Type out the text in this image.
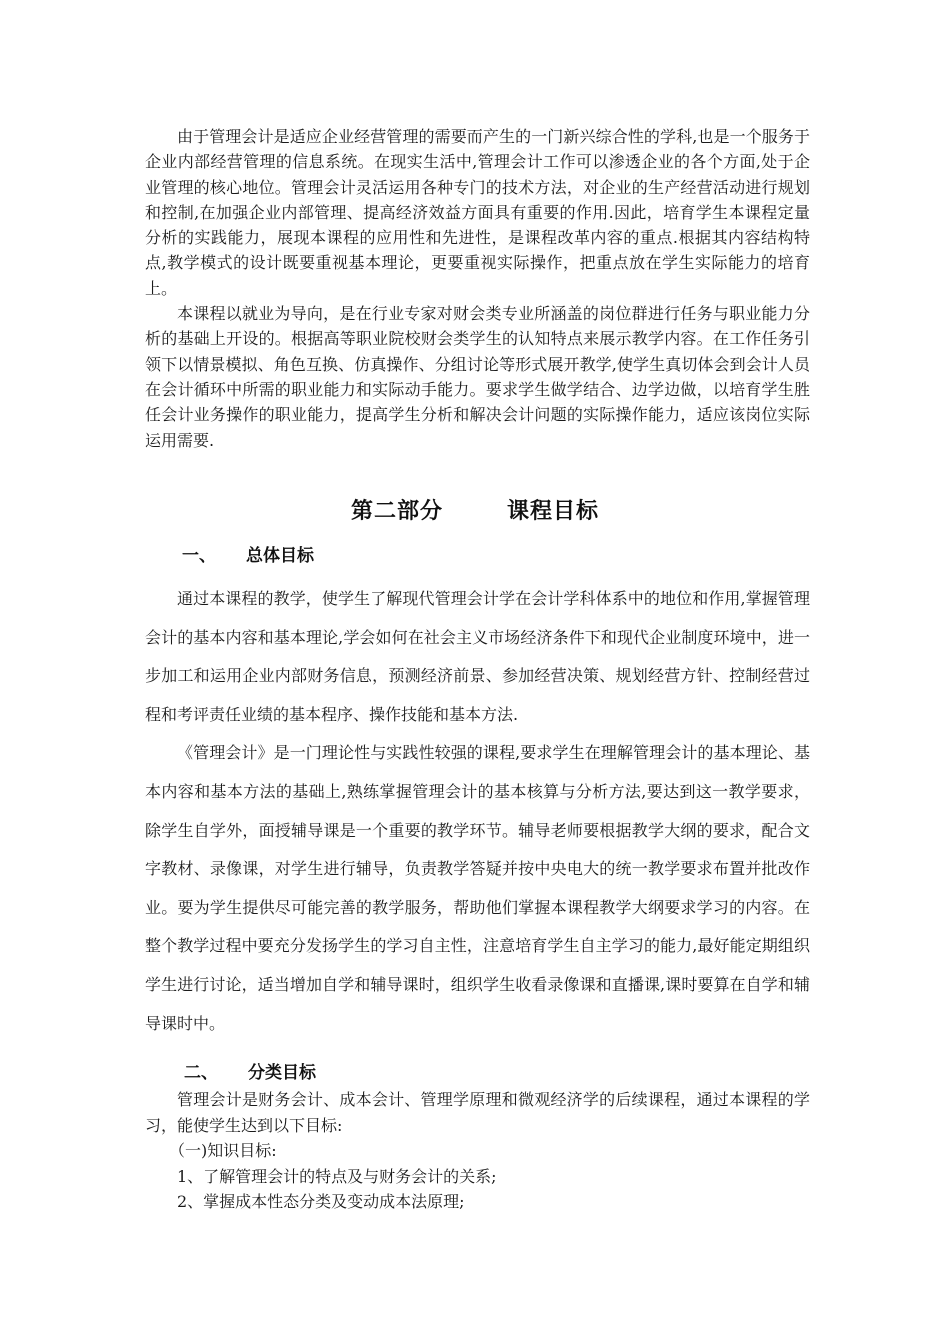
由于管理会计是适应企业经营管理的需要而产生的一门新兴综合性的学科,也是一个服务于企业内部经营管理的信息系统。在现实生活中,管理会计工作可以渗透企业的各个方面,处于企业管理的核心地位。管理会计灵活运用各种专门的技术方法，对企业的生产经营活动进行规划和控制,在加强企业内部管理、提高经济效益方面具有重要的作用.因此，培育学生本课程定量分析的实践能力，展现本课程的应用性和先进性，是课程改革内容的重点.根据其内容结构特点,教学模式的设计既要重视基本理论，更要重视实际操作，把重点放在学生实际能力的培育上。

本课程以就业为导向，是在行业专家对财会类专业所涵盖的岗位群进行任务与职业能力分析的基础上开设的。根据高等职业院校财会类学生的认知特点来展示教学内容。在工作任务引领下以情景模拟、角色互换、仿真操作、分组讨论等形式展开教学,使学生真切体会到会计人员在会计循环中所需的职业能力和实际动手能力。要求学生做学结合、边学边做，以培育学生胜任会计业务操作的职业能力，提高学生分析和解决会计问题的实际操作能力，适应该岗位实际运用需要.

第二部分	课程目标
一、 总体目标

通过本课程的教学，使学生了解现代管理会计学在会计学科体系中的地位和作用,掌握管理会计的基本内容和基本理论,学会如何在社会主义市场经济条件下和现代企业制度环境中，进一步加工和运用企业内部财务信息，预测经济前景、参加经营决策、规划经营方针、控制经营过程和考评责任业绩的基本程序、操作技能和基本方法.

《管理会计》是一门理论性与实践性较强的课程,要求学生在理解管理会计的基本理论、基本内容和基本方法的基础上,熟练掌握管理会计的基本核算与分析方法,要达到这一教学要求，除学生自学外，面授辅导课是一个重要的教学环节。辅导老师要根据教学大纲的要求，配合文字教材、录像课，对学生进行辅导，负责教学答疑并按中央电大的统一教学要求布置并批改作业。要为学生提供尽可能完善的教学服务，帮助他们掌握本课程教学大纲要求学习的内容。在整个教学过程中要充分发扬学生的学习自主性，注意培育学生自主学习的能力,最好能定期组织学生进行讨论，适当增加自学和辅导课时，组织学生收看录像课和直播课,课时要算在自学和辅导课时中。

二、 分类目标

管理会计是财务会计、成本会计、管理学原理和微观经济学的后续课程，通过本课程的学习，能使学生达到以下目标:

（一)知识目标:

1、了解管理会计的特点及与财务会计的关系;

2、掌握成本性态分类及变动成本法原理;
